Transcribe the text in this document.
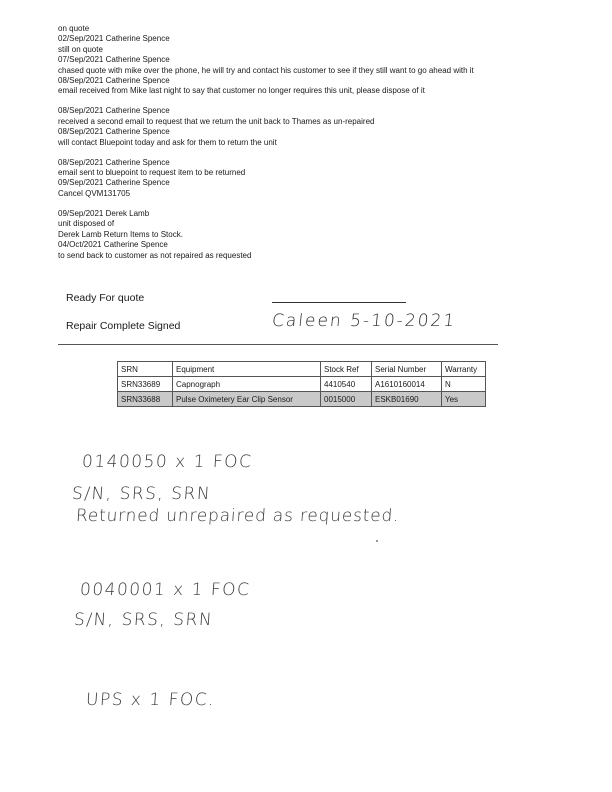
on quote
02/Sep/2021 Catherine Spence
still on quote
07/Sep/2021 Catherine Spence
chased quote with mike over the phone, he will try and contact his customer to see if they still want to go ahead with it
08/Sep/2021 Catherine Spence
email received from Mike last night to say that customer no longer requires this unit, please dispose of it
08/Sep/2021 Catherine Spence
received a second email to request that we return the unit back to Thames as un-repaired
08/Sep/2021 Catherine Spence
will contact Bluepoint today and ask for them to return the unit
08/Sep/2021 Catherine Spence
email sent to bluepoint to request item to be returned
09/Sep/2021 Catherine Spence
Cancel QVM131705
09/Sep/2021 Derek Lamb
unit disposed of
Derek Lamb Return Items to Stock.
04/Oct/2021 Catherine Spence
to send back to customer as not repaired as requested
Ready For quote
Repair Complete Signed	Caleen 5-10-2021
SRN	Equipment	Stock Ref	Serial Number	Warranty
SRN33689	Capnograph	4410540	A1610160014	N
SRN33688	Pulse Oximetery Ear Clip Sensor	0015000	ESKB01690	Yes
0140050 x 1 FOC
S/N, SRS, SRN
Returned unrepaired as requested.
0040001 x 1 FOC
S/N, SRS, SRN
UPS x 1 FOC.
